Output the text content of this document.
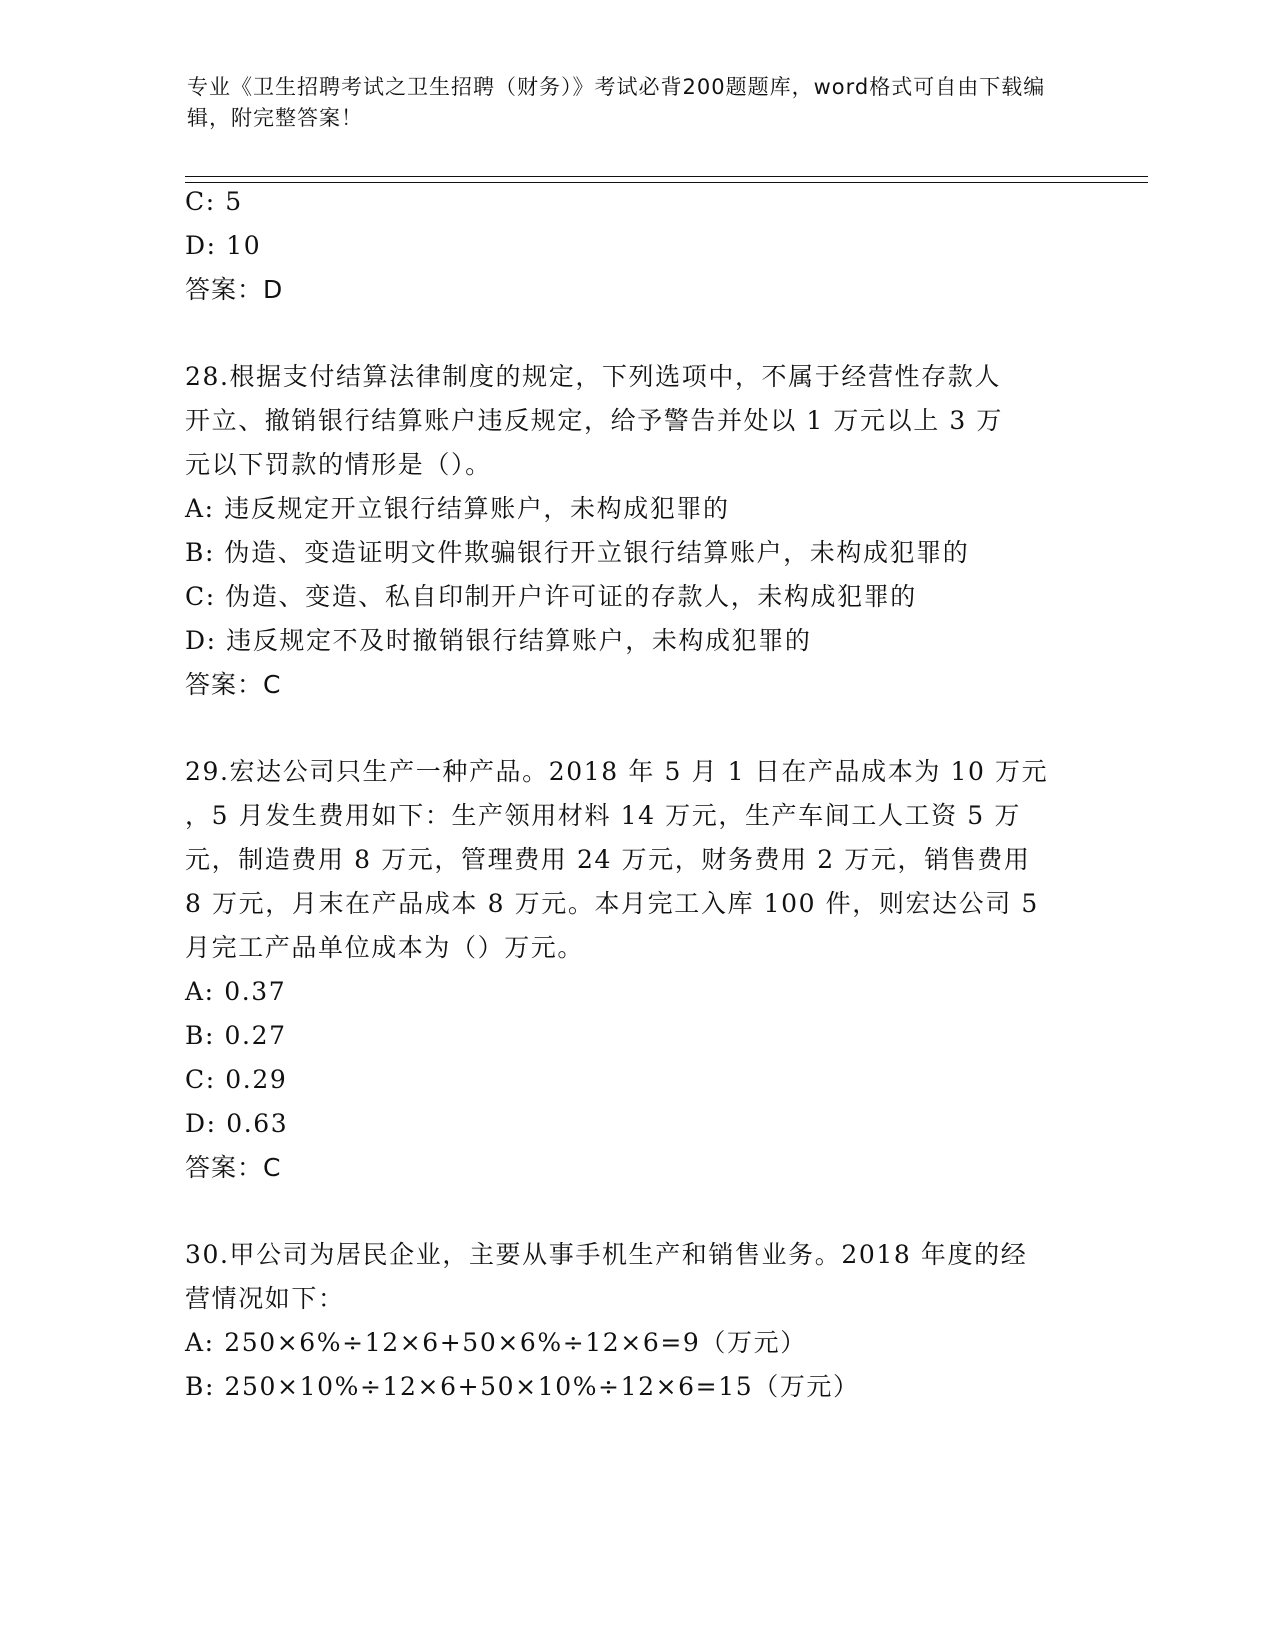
专业《卫生招聘考试之卫生招聘（财务）》考试必背200题题库，word格式可自由下载编辑，附完整答案！

C: 5
D: 10
答案：D
28.根据支付结算法律制度的规定，下列选项中，不属于经营性存款人
开立、撤销银行结算账户违反规定，给予警告并处以 1 万元以上 3 万
元以下罚款的情形是（）。
A: 违反规定开立银行结算账户，未构成犯罪的
B: 伪造、变造证明文件欺骗银行开立银行结算账户，未构成犯罪的
C: 伪造、变造、私自印制开户许可证的存款人，未构成犯罪的
D: 违反规定不及时撤销银行结算账户，未构成犯罪的
答案：C
29.宏达公司只生产一种产品。2018 年 5 月 1 日在产品成本为 10 万元
，5 月发生费用如下：生产领用材料 14 万元，生产车间工人工资 5 万
元，制造费用 8 万元，管理费用 24 万元，财务费用 2 万元，销售费用
8 万元，月末在产品成本 8 万元。本月完工入库 100 件，则宏达公司 5
月完工产品单位成本为（）万元。
A: 0.37
B: 0.27
C: 0.29
D: 0.63
答案：C
30.甲公司为居民企业，主要从事手机生产和销售业务。2018 年度的经
营情况如下：
A: 250×6%÷12×6+50×6%÷12×6=9（万元）
B: 250×10%÷12×6+50×10%÷12×6=15（万元）
